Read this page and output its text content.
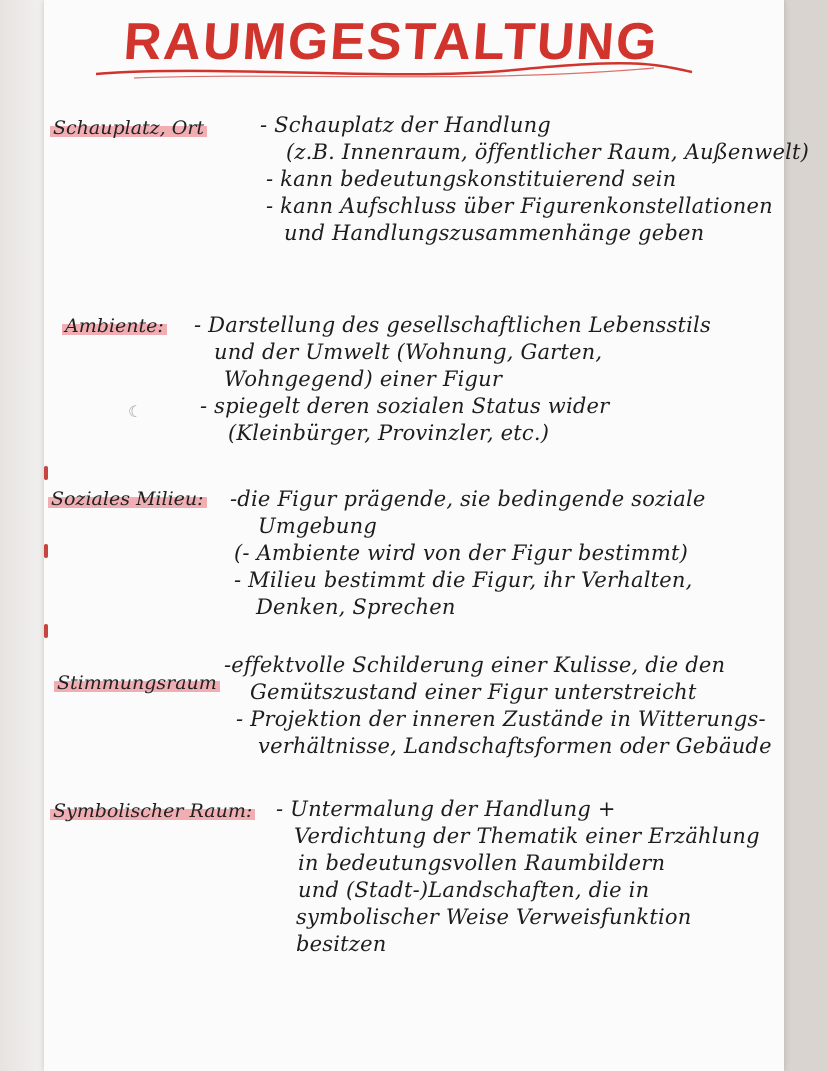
RAUMGESTALTUNG
Schauplatz, Ort	- Schauplatz der Handlung
(z.B. Innenraum, öffentlicher Raum, Außenwelt)
- kann bedeutungskonstituierend sein
- kann Aufschluss über Figurenkonstellationen
und Handlungszusammenhänge geben
Ambiente: - Darstellung des gesellschaftlichen Lebensstils
und der Umwelt (Wohnung, Garten,
Wohngegend) einer Figur
- spiegelt deren sozialen Status wider
(Kleinbürger, Provinzler, etc.)
☾
Soziales Milieu: -die Figur prägende, sie bedingende soziale
Umgebung
(- Ambiente wird von der Figur bestimmt)
- Milieu bestimmt die Figur, ihr Verhalten,
Denken, Sprechen
Stimmungsraum
-effektvolle Schilderung einer Kulisse, die den
Gemütszustand einer Figur unterstreicht
- Projektion der inneren Zustände in Witterungs-
verhältnisse, Landschaftsformen oder Gebäude
Symbolischer Raum: - Untermalung der Handlung +
Verdichtung der Thematik einer Erzählung
in bedeutungsvollen Raumbildern
und (Stadt-)Landschaften, die in
symbolischer Weise Verweisfunktion
besitzen
